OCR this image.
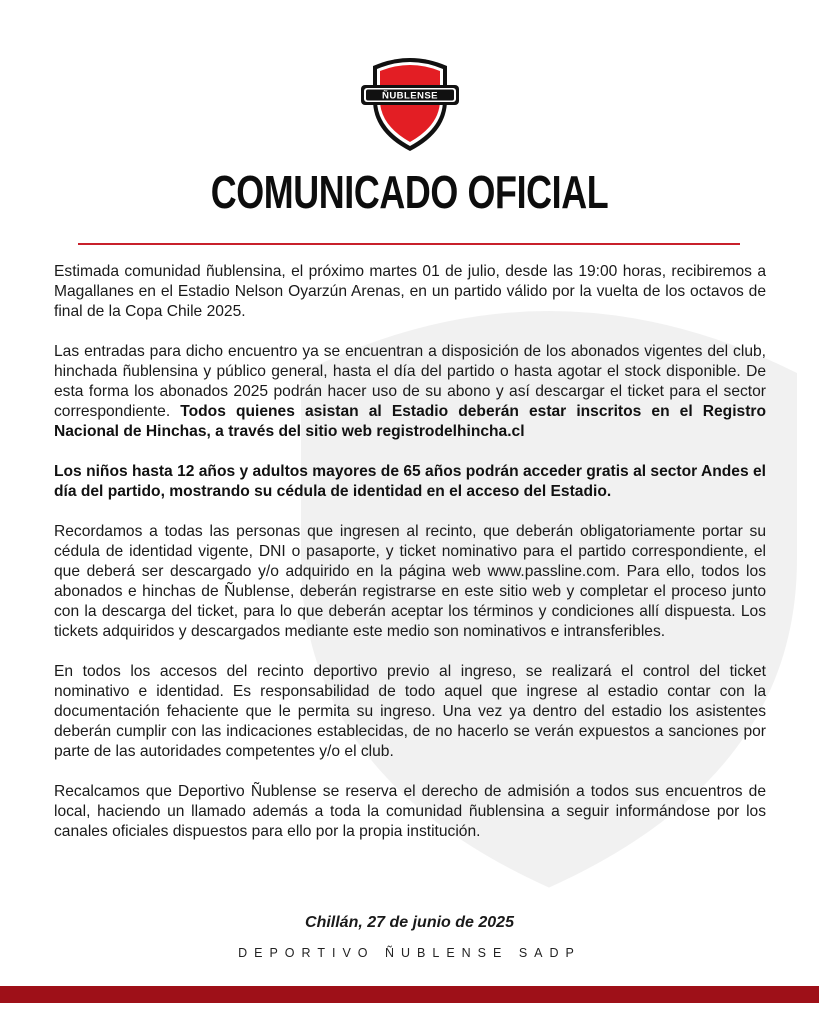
ÑUBLENSE
COMUNICADO OFICIAL

Estimada comunidad ñublensina, el próximo martes 01 de julio, desde las 19:00 horas, recibiremos a Magallanes en el Estadio Nelson Oyarzún Arenas, en un partido válido por la vuelta de los octavos de final de la Copa Chile 2025.

Las entradas para dicho encuentro ya se encuentran a disposición de los abonados vigentes del club, hinchada ñublensina y público general, hasta el día del partido o hasta agotar el stock disponible. De esta forma los abonados 2025 podrán hacer uso de su abono y así descargar el ticket para el sector correspondiente. Todos quienes asistan al Estadio deberán estar inscritos en el Registro Nacional de Hinchas, a través del sitio web registrodelhincha.cl

Los niños hasta 12 años y adultos mayores de 65 años podrán acceder gratis al sector Andes el día del partido, mostrando su cédula de identidad en el acceso del Estadio.

Recordamos a todas las personas que ingresen al recinto, que deberán obligatoriamente portar su cédula de identidad vigente, DNI o pasaporte, y ticket nominativo para el partido correspondiente, el que deberá ser descargado y/o adquirido en la página web www.passline.com. Para ello, todos los abonados e hinchas de Ñublense, deberán registrarse en este sitio web y completar el proceso junto con la descarga del ticket, para lo que deberán aceptar los términos y condiciones allí dispuesta. Los tickets adquiridos y descargados mediante este medio son nominativos e intransferibles.

En todos los accesos del recinto deportivo previo al ingreso, se realizará el control del ticket nominativo e identidad. Es responsabilidad de todo aquel que ingrese al estadio contar con la documentación fehaciente que le permita su ingreso. Una vez ya dentro del estadio los asistentes deberán cumplir con las indicaciones establecidas, de no hacerlo se verán expuestos a sanciones por parte de las autoridades competentes y/o el club.

Recalcamos que Deportivo Ñublense se reserva el derecho de admisión a todos sus encuentros de local, haciendo un llamado además a toda la comunidad ñublensina a seguir informándose por los canales oficiales dispuestos para ello por la propia institución.

Chillán, 27 de junio de 2025
DEPORTIVO ÑUBLENSE SADP
